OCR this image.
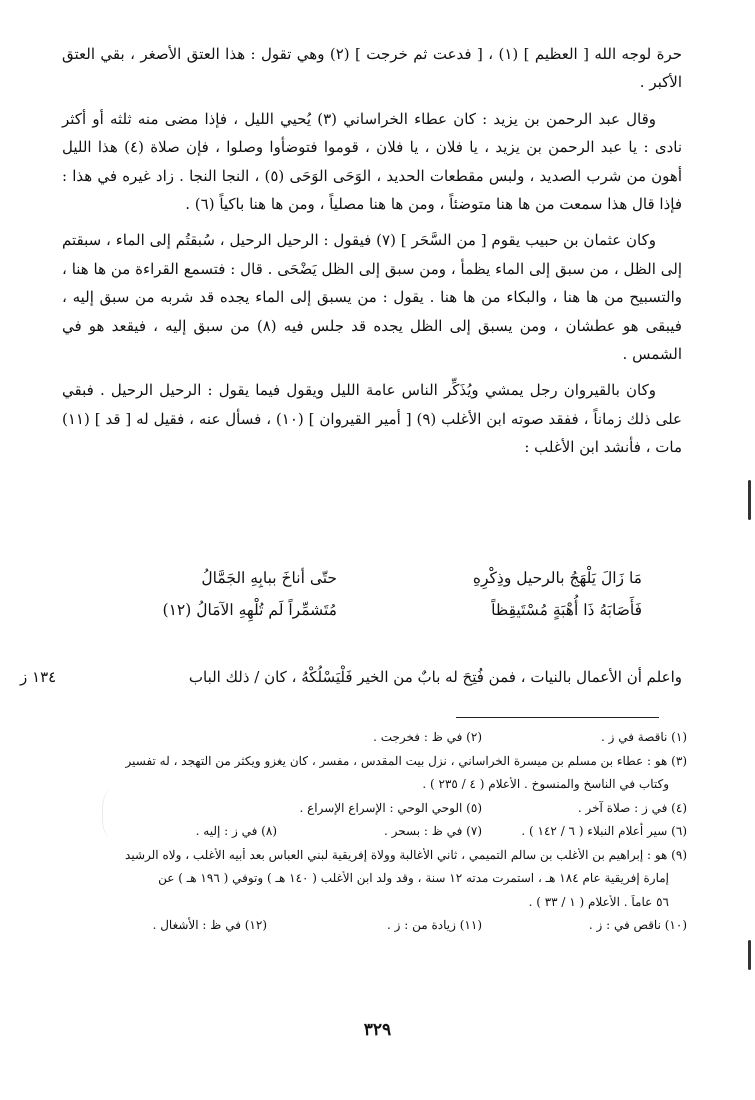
حرة لوجه الله [ العظيم ] (١) ، [ فدعت ثم خرجت ] (٢) وهي تقول : هذا العتق الأصغر ، بقي العتق الأكبر .

وقال عبد الرحمن بن يزيد : كان عطاء الخراساني (٣) يُحيي الليل ، فإذا مضى منه ثلثه أو أكثر نادى : يا عبد الرحمن بن يزيد ، يا فلان ، يا فلان ، قوموا فتوضأوا وصلوا ، فإن صلاة (٤) هذا الليل أهون من شرب الصديد ، ولبس مقطعات الحديد ، الوَحَى الوَحَى (٥) ، النجا النجا . زاد غيره في هذا : فإذا قال هذا سمعت من ها هنا متوضئاً ، ومن ها هنا مصلياً ، ومن ها هنا باكياً (٦) .

وكان عثمان بن حبيب يقوم [ من السَّحَر ] (٧) فيقول : الرحيل الرحيل ، سُبقتُم إلى الماء ، سبقتم إلى الظل ، من سبق إلى الماء يظمأ ، ومن سبق إلى الظل يَضْحَى . قال : فتسمع القراءة من ها هنا ، والتسبيح من ها هنا ، والبكاء من ها هنا . يقول : من يسبق إلى الماء يجده قد شربه من سبق إليه ، فيبقى هو عطشان ، ومن يسبق إلى الظل يجده قد جلس فيه (٨) من سبق إليه ، فيقعد هو في الشمس .

وكان بالقيروان رجل يمشي ويُذَكِّر الناس عامة الليل ويقول فيما يقول : الرحيل الرحيل . فبقي على ذلك زماناً ، ففقد صوته ابن الأغلب (٩) [ أمير القيروان ] (١٠) ، فسأل عنه ، فقيل له [ قد ] (١١) مات ، فأنشد ابن الأغلب :

مَا زَالَ يَلْهَجُ بالرحيل وذِكْرِهِ
حتّى أناخَ ببابِهِ الجَمَّالُ
فَأَصَابَهُ ذَا أُهْبَةٍ مُسْتَيقِظاً
مُتَشمِّراً لَم تُلْهِهِ الآمَالُ (١٢)
واعلم أن الأعمال بالنيات ، فمن فُتِحَ له بابٌ من الخير فَلْيَسْلُكْهُ ، كان / ذلك الباب
١٣٤ ز
(١) ناقصة في ز .
(٢) في ظ : فخرجت .
(٣) هو : عطاء بن مسلم بن ميسرة الخراساني ، نزل بيت المقدس ، مفسر ، كان يغزو ويكثر من التهجد ، له تفسير
وكتاب في الناسخ والمنسوخ . الأعلام ( ٤ / ٢٣٥ ) .
(٤) في ز : صلاة آخر .
(٥) الوحي الوحي : الإسراع الإسراع .
(٦) سير أعلام النبلاء ( ٦ / ١٤٢ ) .
(٧) في ظ : بسحر .
(٨) في ز : إليه .
(٩) هو : إبراهيم بن الأغلب بن سالم التميمي ، ثاني الأغالبة وولاة إفريقية لبني العباس بعد أبيه الأغلب ، ولاه الرشيد
إمارة إفريقية عام ١٨٤ هـ ، استمرت مدته ١٢ سنة ، وقد ولد ابن الأغلب ( ١٤٠ هـ ) وتوفي ( ١٩٦ هـ ) عن
٥٦ عاماً . الأعلام ( ١ / ٣٣ ) .
(١٠) ناقص في : ز .
(١١) زيادة من : ز .
(١٢) في ظ : الأشغال .
٣٢٩
